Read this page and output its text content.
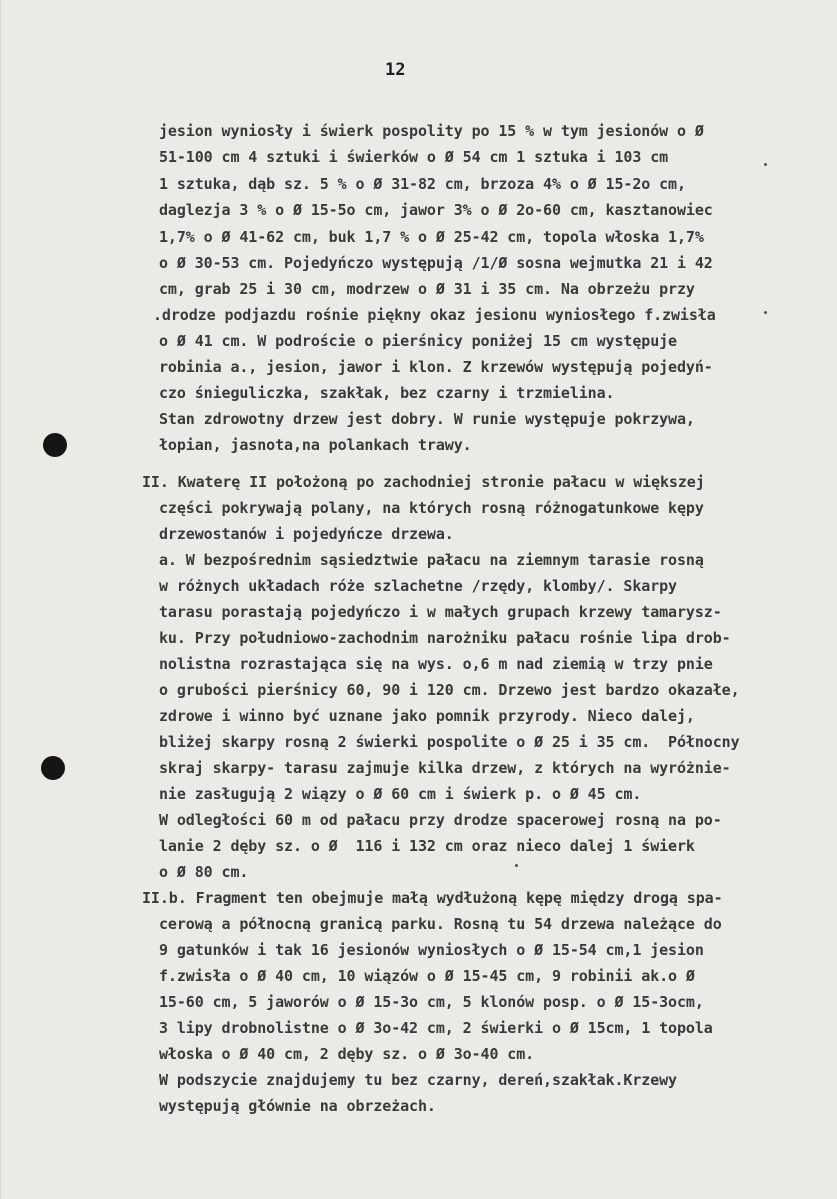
12
jesion wyniosły i świerk pospolity po 15 % w tym jesionów o Ø
51-100 cm 4 sztuki i świerków o Ø 54 cm 1 sztuka i 103 cm
1 sztuka, dąb sz. 5 % o Ø 31-82 cm, brzoza 4% o Ø 15-2o cm,
daglezja 3 % o Ø 15-5o cm, jawor 3% o Ø 2o-60 cm, kasztanowiec
1,7% o Ø 41-62 cm, buk 1,7 % o Ø 25-42 cm, topola włoska 1,7%
o Ø 30-53 cm. Pojedyńczo występują /1/Ø sosna wejmutka 21 i 42
cm, grab 25 i 30 cm, modrzew o Ø 31 i 35 cm. Na obrzeżu przy
.drodze podjazdu rośnie piękny okaz jesionu wyniosłego f.zwisła
o Ø 41 cm. W podroście o pierśnicy poniżej 15 cm występuje
robinia a., jesion, jawor i klon. Z krzewów występują pojedyń-
czo śnieguliczka, szakłak, bez czarny i trzmielina.
Stan zdrowotny drzew jest dobry. W runie występuje pokrzywa,
łopian, jasnota,na polankach trawy.
II. Kwaterę II położoną po zachodniej stronie pałacu w większej
części pokrywają polany, na których rosną różnogatunkowe kępy
drzewostanów i pojedyńcze drzewa.
a. W bezpośrednim sąsiedztwie pałacu na ziemnym tarasie rosną
w różnych układach róże szlachetne /rzędy, klomby/. Skarpy
tarasu porastają pojedyńczo i w małych grupach krzewy tamarysz-
ku. Przy południowo-zachodnim narożniku pałacu rośnie lipa drob-
nolistna rozrastająca się na wys. o,6 m nad ziemią w trzy pnie
o grubości pierśnicy 60, 90 i 120 cm. Drzewo jest bardzo okazałe,
zdrowe i winno być uznane jako pomnik przyrody. Nieco dalej,
bliżej skarpy rosną 2 świerki pospolite o Ø 25 i 35 cm.  Północny
skraj skarpy- tarasu zajmuje kilka drzew, z których na wyróżnie-
nie zasługują 2 wiązy o Ø 60 cm i świerk p. o Ø 45 cm.
W odległości 60 m od pałacu przy drodze spacerowej rosną na po-
lanie 2 dęby sz. o Ø  116 i 132 cm oraz nieco dalej 1 świerk
o Ø 80 cm.
II.b. Fragment ten obejmuje małą wydłużoną kępę między drogą spa-
cerową a północną granicą parku. Rosną tu 54 drzewa należące do
9 gatunków i tak 16 jesionów wyniosłych o Ø 15-54 cm,1 jesion
f.zwisła o Ø 40 cm, 10 wiązów o Ø 15-45 cm, 9 robinii ak.o Ø
15-60 cm, 5 jaworów o Ø 15-3o cm, 5 klonów posp. o Ø 15-3ocm,
3 lipy drobnolistne o Ø 3o-42 cm, 2 świerki o Ø 15cm, 1 topola
włoska o Ø 40 cm, 2 dęby sz. o Ø 3o-40 cm.
W podszycie znajdujemy tu bez czarny, dereń,szakłak.Krzewy
występują głównie na obrzeżach.
